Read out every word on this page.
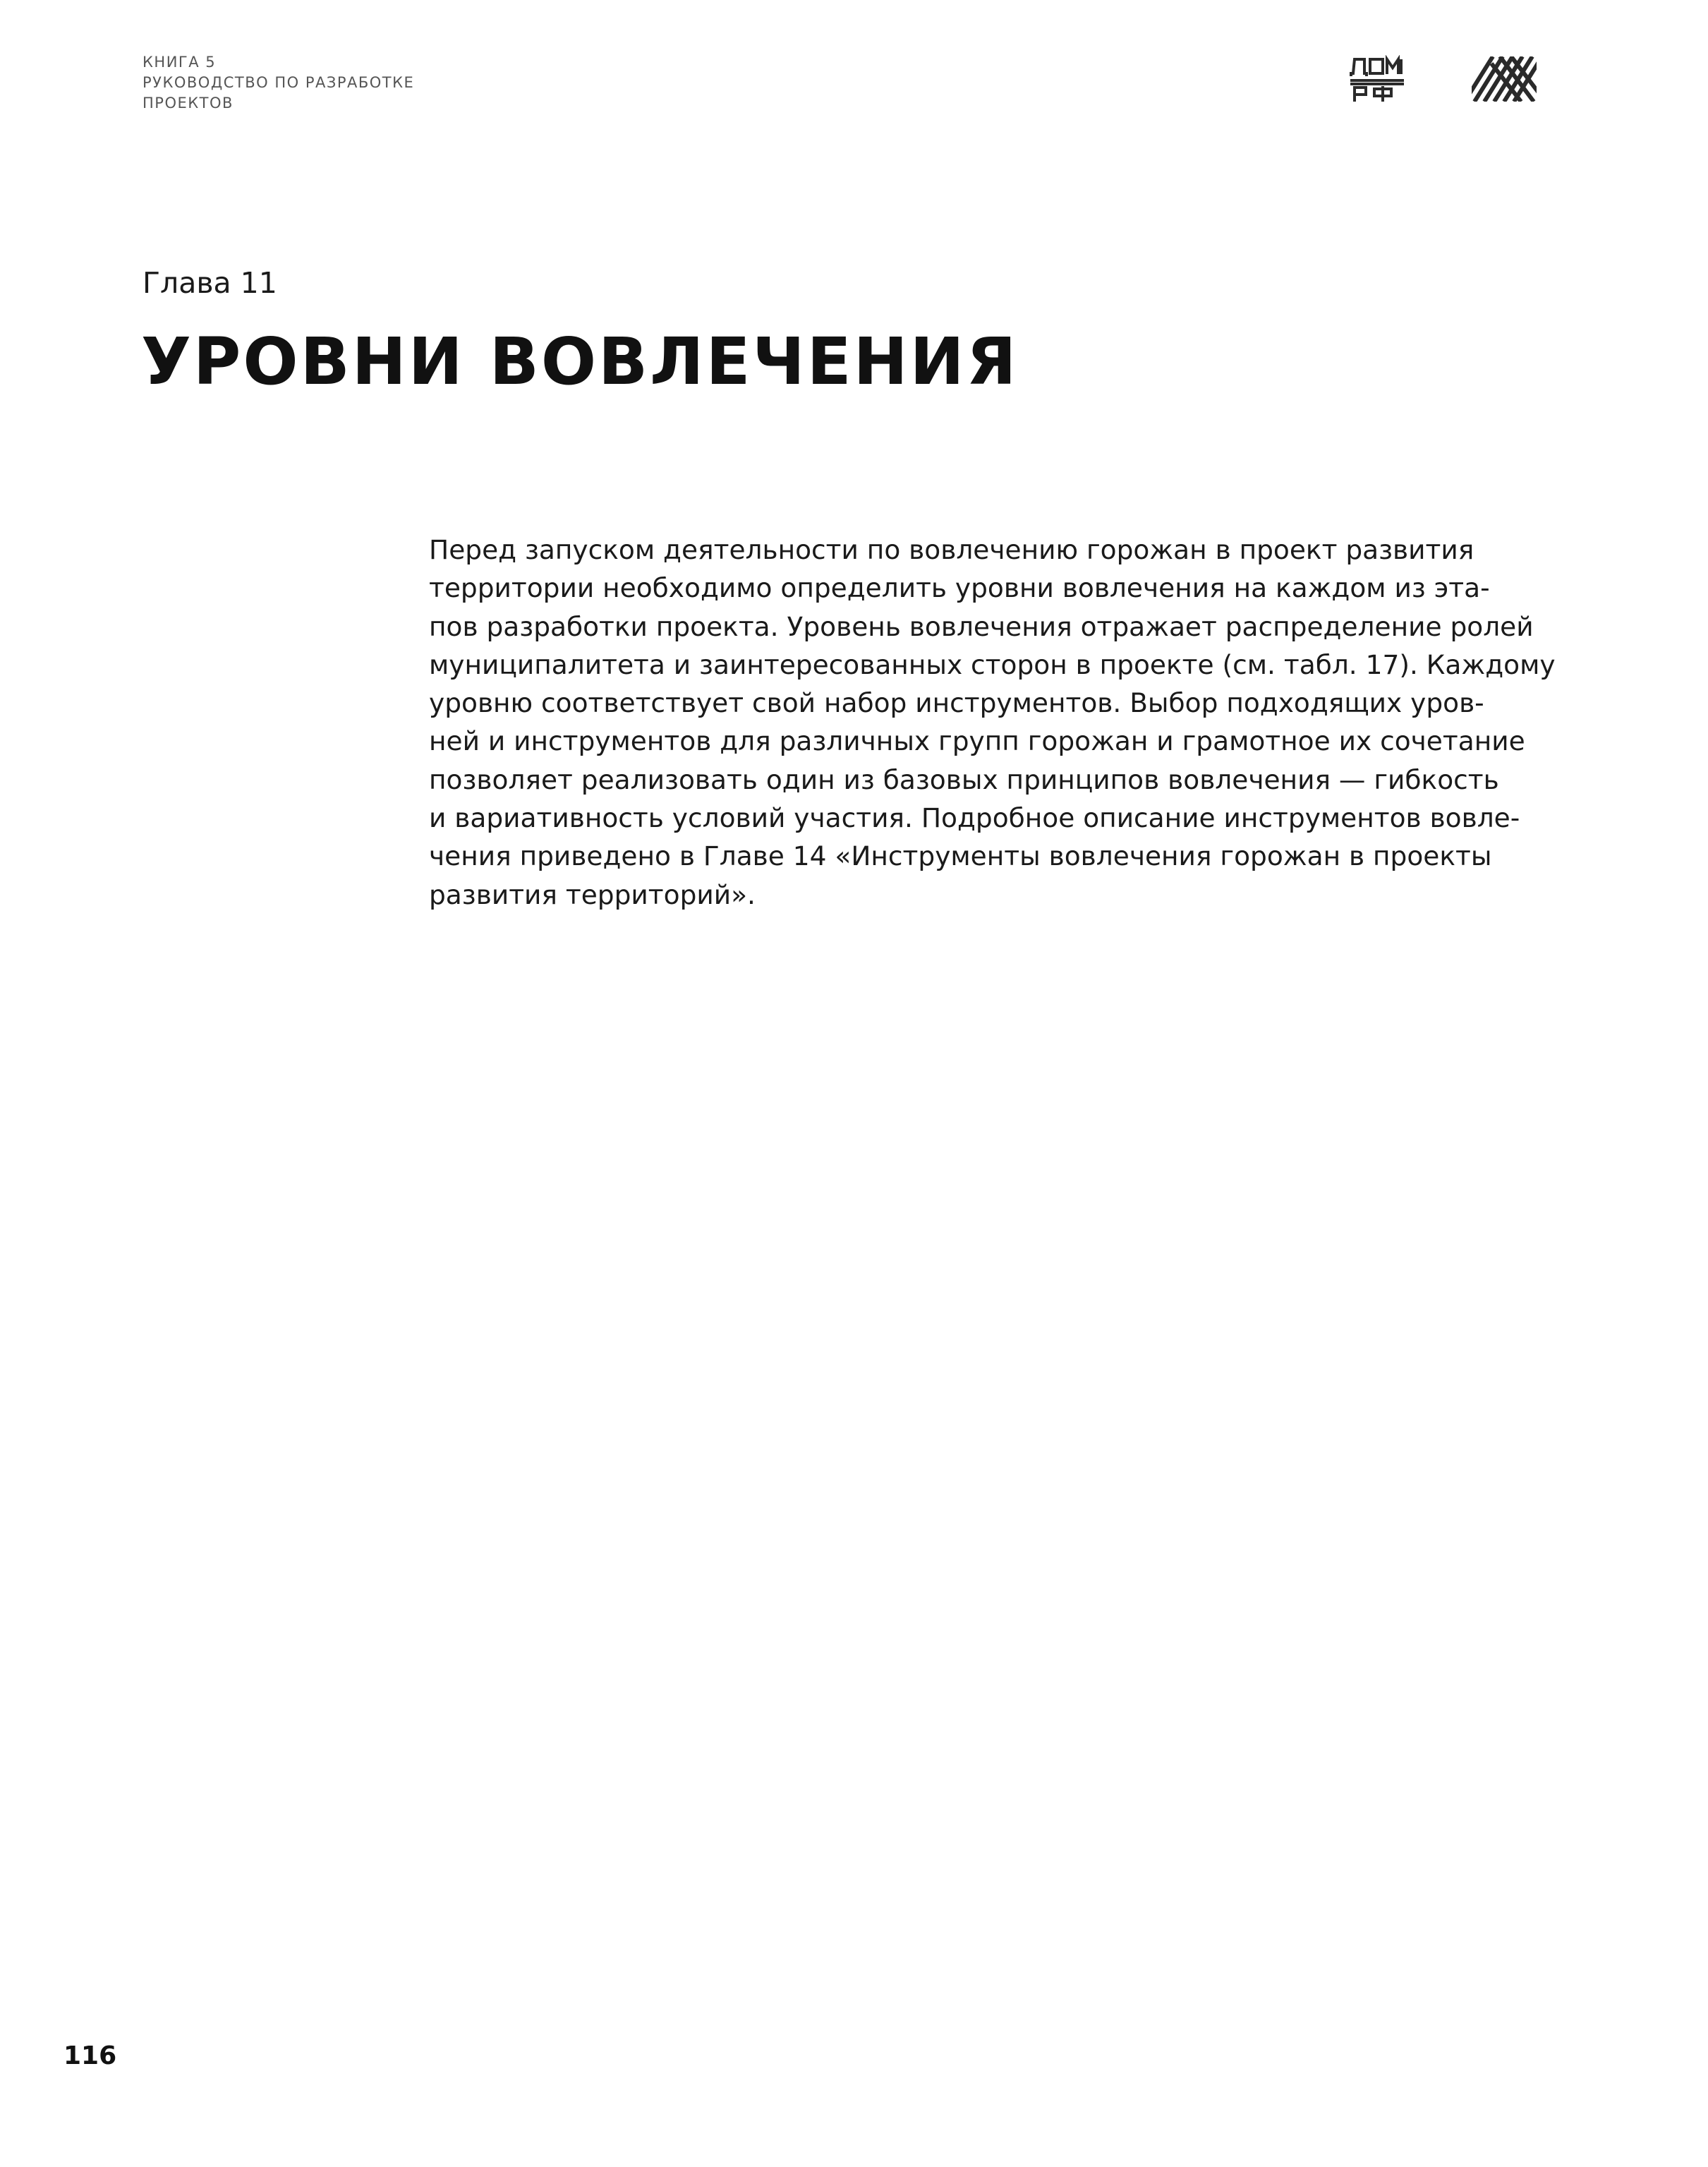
КНИГА 5
РУКОВОДСТВО ПО РАЗРАБОТКЕ
ПРОЕКТОВ
Глава 11
УРОВНИ ВОВЛЕЧЕНИЯ
Перед запуском деятельности по вовлечению горожан в проект развития
территории необходимо определить уровни вовлечения на каждом из эта-
пов разработки проекта. Уровень вовлечения отражает распределение ролей
муниципалитета и заинтересованных сторон в проекте (см. табл. 17). Каждому
уровню соответствует свой набор инструментов. Выбор подходящих уров-
ней и инструментов для различных групп горожан и грамотное их сочетание
позволяет реализовать один из базовых принципов вовлечения — гибкость
и вариативность условий участия. Подробное описание инструментов вовле-
чения приведено в Главе 14 «Инструменты вовлечения горожан в проекты
развития территорий».
116
